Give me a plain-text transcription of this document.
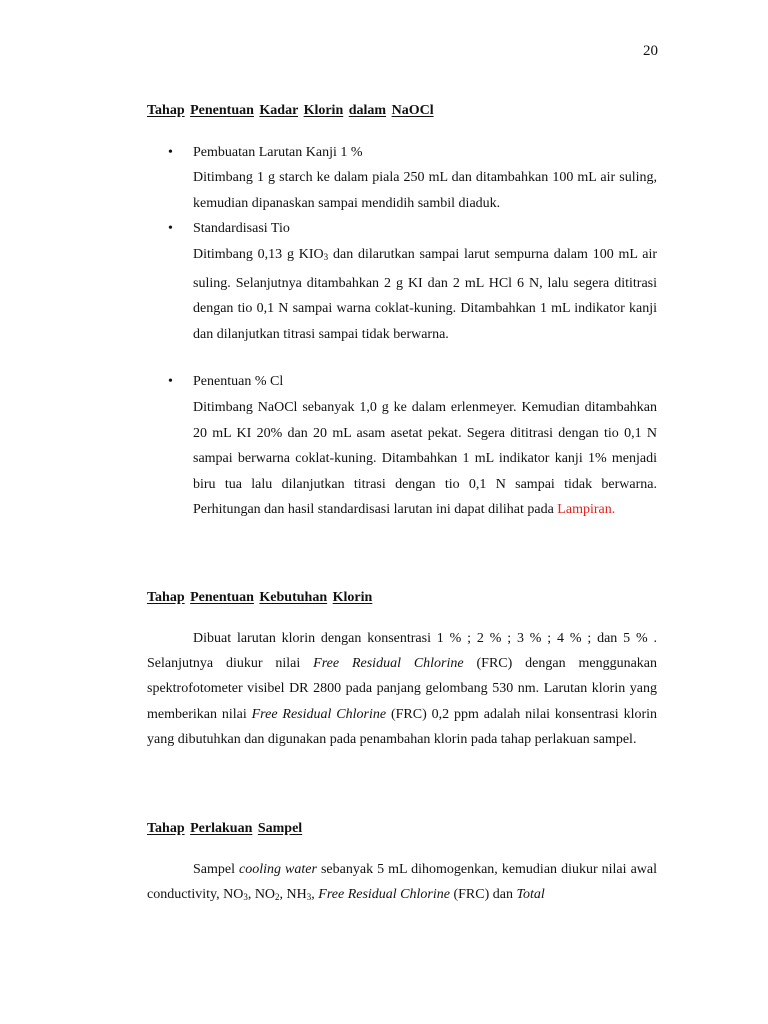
20
Tahap Penentuan Kadar Klorin dalam NaOCl
• Pembuatan Larutan Kanji 1 %
Ditimbang 1 g starch ke dalam piala 250 mL dan ditambahkan 100 mL air suling, kemudian dipanaskan sampai mendidih sambil diaduk.
• Standardisasi Tio
Ditimbang 0,13 g $KIO_3$ dan dilarutkan sampai larut sempurna dalam 100 mL air suling. Selanjutnya ditambahkan 2 g KI dan 2 mL HCl 6 N, lalu segera dititrasi dengan tio 0,1 N sampai warna coklat-kuning. Ditambahkan 1 mL indikator kanji dan dilanjutkan titrasi sampai tidak berwarna.
• Penentuan % Cl
Ditimbang NaOCl sebanyak 1,0 g ke dalam erlenmeyer. Kemudian ditambahkan 20 mL KI 20% dan 20 mL asam asetat pekat. Segera dititrasi dengan tio 0,1 N sampai berwarna coklat-kuning. Ditambahkan 1 mL indikator kanji 1% menjadi biru tua lalu dilanjutkan titrasi dengan tio 0,1 N sampai tidak berwarna. Perhitungan dan hasil standardisasi larutan ini dapat dilihat pada Lampiran.
Tahap Penentuan Kebutuhan Klorin
Dibuat larutan klorin dengan konsentrasi 1 % ; 2 % ; 3 % ; 4 % ; dan 5 % . Selanjutnya diukur nilai Free Residual Chlorine (FRC) dengan menggunakan spektrofotometer visibel DR 2800 pada panjang gelombang 530 nm. Larutan klorin yang memberikan nilai Free Residual Chlorine (FRC) 0,2 ppm adalah nilai konsentrasi klorin yang dibutuhkan dan digunakan pada penambahan klorin pada tahap perlakuan sampel.
Tahap Perlakuan Sampel
Sampel cooling water sebanyak 5 mL dihomogenkan, kemudian diukur nilai awal conductivity, $NO_3$, $NO_2$, $NH_3$, Free Residual Chlorine (FRC) dan Total
